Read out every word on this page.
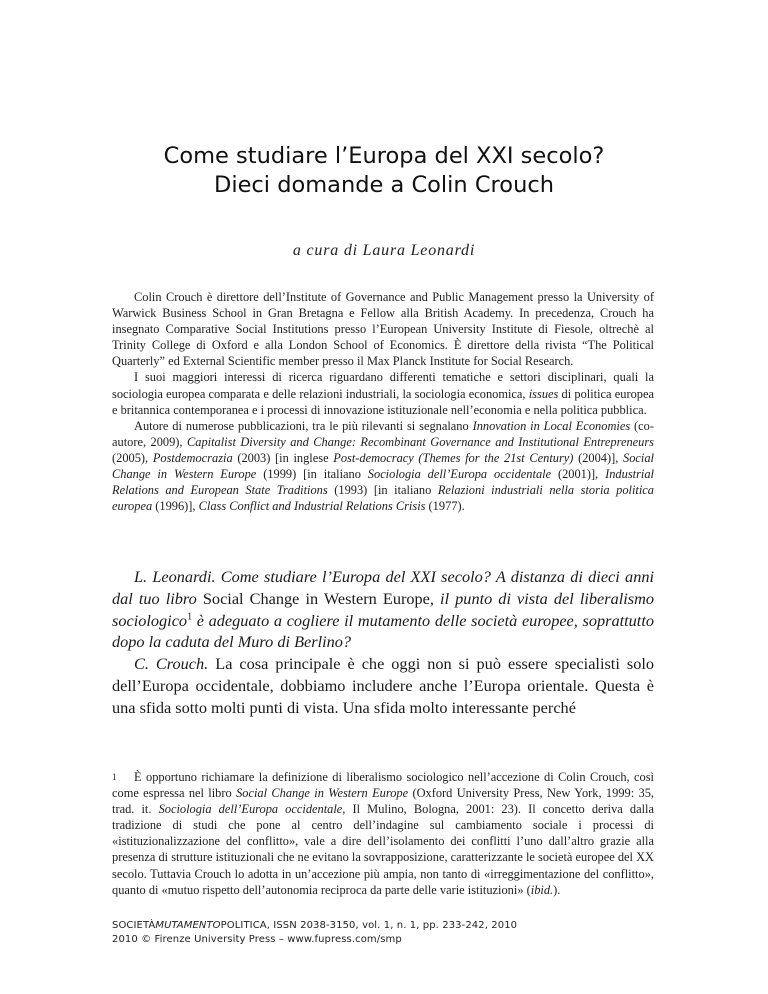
Come studiare l’Europa del XXI secolo?
Dieci domande a Colin Crouch
a cura di Laura Leonardi

Colin Crouch è direttore dell’Institute of Governance and Public Management presso la University of Warwick Business School in Gran Bretagna e Fellow alla British Academy. In precedenza, Crouch ha insegnato Comparative Social Institutions presso l’European University Institute di Fiesole, oltrechè al Trinity College di Oxford e alla London School of Economics. È direttore della rivista “The Political Quarterly” ed External Scientific member presso il Max Planck Institute for Social Research.

I suoi maggiori interessi di ricerca riguardano differenti tematiche e settori disciplinari, quali la sociologia europea comparata e delle relazioni industriali, la sociologia economica, issues di politica europea e britannica contemporanea e i processi di innovazione istituzionale nell’economia e nella politica pubblica.

Autore di numerose pubblicazioni, tra le più rilevanti si segnalano Innovation in Local Economies (co-autore, 2009), Capitalist Diversity and Change: Recombinant Governance and Institutional Entrepreneurs (2005), Postdemocrazia (2003) [in inglese Post-democracy (Themes for the 21st Century) (2004)], Social Change in Western Europe (1999) [in italiano Sociologia dell’Europa occidentale (2001)], Industrial Relations and European State Traditions (1993) [in italiano Relazioni industriali nella storia politica europea (1996)], Class Conflict and Industrial Relations Crisis (1977).

L. Leonardi. Come studiare l’Europa del XXI secolo? A distanza di dieci anni dal tuo libro Social Change in Western Europe, il punto di vista del liberalismo sociologico$^1$ è adeguato a cogliere il mutamento delle società europee, soprattutto dopo la caduta del Muro di Berlino?

C. Crouch. La cosa principale è che oggi non si può essere specialisti solo dell’Europa occidentale, dobbiamo includere anche l’Europa orientale. Questa è una sfida sotto molti punti di vista. Una sfida molto interessante perché

1	È opportuno richiamare la definizione di liberalismo sociologico nell’accezione di Colin Crouch, così come espressa nel libro Social Change in Western Europe (Oxford University Press, New York, 1999: 35, trad. it. Sociologia dell’Europa occidentale, Il Mulino, Bologna, 2001: 23). Il concetto deriva dalla tradizione di studi che pone al centro dell’indagine sul cambiamento sociale i processi di «istituzionalizzazione del conflitto», vale a dire dell’isolamento dei conflitti l’uno dall’altro grazie alla presenza di strutture istituzionali che ne evitano la sovrapposizione, caratterizzante le società europee del XX secolo. Tuttavia Crouch lo adotta in un’accezione più ampia, non tanto di «irreggimentazione del conflitto», quanto di «mutuo rispetto dell’autonomia reciproca da parte delle varie istituzioni» (ibid.).

SOCIETÀMUTAMENTOPOLITICA, ISSN 2038-3150, vol. 1, n. 1, pp. 233-242, 2010
2010 © Firenze University Press – www.fupress.com/smp
